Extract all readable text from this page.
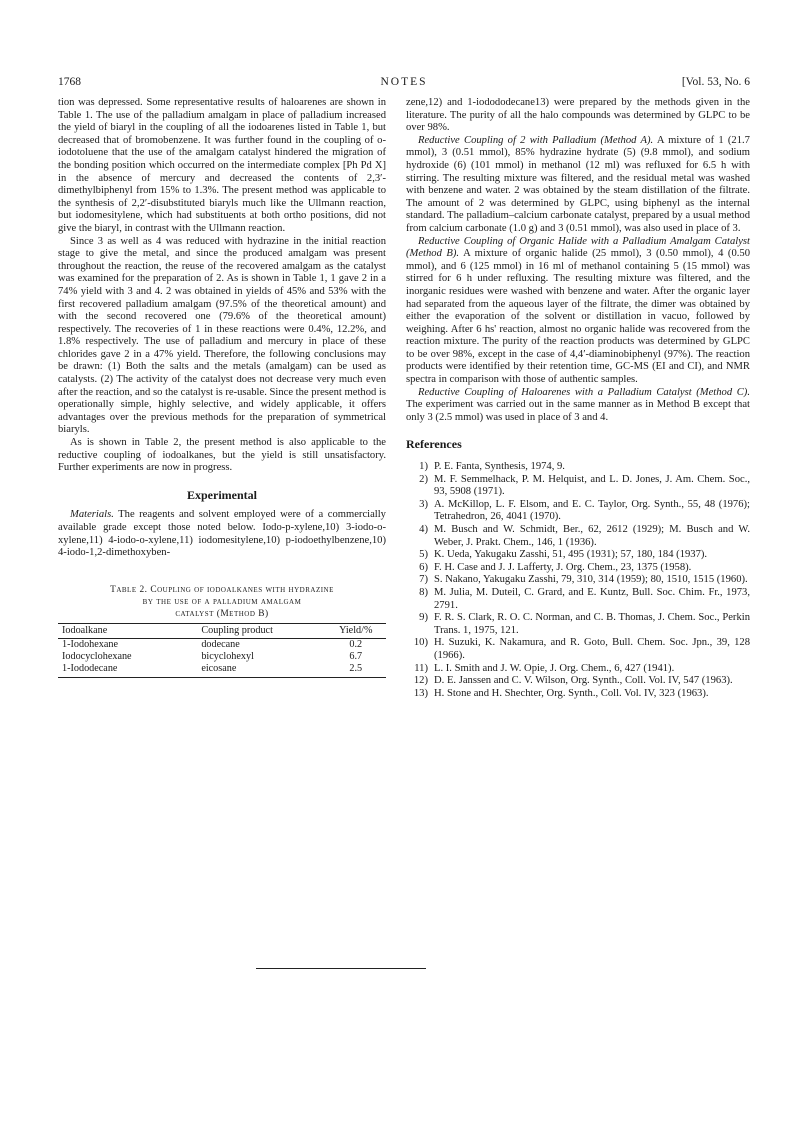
1768	NOTES	[Vol. 53, No. 6

tion was depressed. Some representative results of haloarenes are shown in Table 1. The use of the palladium amalgam in place of palladium increased the yield of biaryl in the coupling of all the iodoarenes listed in Table 1, but decreased that of bromobenzene. It was further found in the coupling of o-iodotoluene that the use of the amalgam catalyst hindered the migration of the bonding position which occurred on the intermediate complex [Ph Pd X] in the absence of mercury and decreased the contents of 2,3′-dimethylbiphenyl from 15% to 1.3%. The present method was applicable to the synthesis of 2,2′-disubstituted biaryls much like the Ullmann reaction, but iodomesitylene, which had substituents at both ortho positions, did not give the biaryl, in contrast with the Ullmann reaction.

Since 3 as well as 4 was reduced with hydrazine in the initial reaction stage to give the metal, and since the produced amalgam was present throughout the reaction, the reuse of the recovered amalgam as the catalyst was examined for the preparation of 2. As is shown in Table 1, 1 gave 2 in a 74% yield with 3 and 4. 2 was obtained in yields of 45% and 53% with the first recovered palladium amalgam (97.5% of the theoretical amount) and with the second recovered one (79.6% of the theoretical amount) respectively. The recoveries of 1 in these reactions were 0.4%, 12.2%, and 1.8% respectively. The use of palladium and mercury in place of these chlorides gave 2 in a 47% yield. Therefore, the following conclusions may be drawn: (1) Both the salts and the metals (amalgam) can be used as catalysts. (2) The activity of the catalyst does not decrease very much even after the reaction, and so the catalyst is re-usable. Since the present method is operationally simple, highly selective, and widely applicable, it offers advantages over the previous methods for the preparation of symmetrical biaryls.

As is shown in Table 2, the present method is also applicable to the reductive coupling of iodoalkanes, but the yield is still unsatisfactory. Further experiments are now in progress.

Experimental

Materials. The reagents and solvent employed were of a commercially available grade except those noted below. Iodo-p-xylene,10) 3-iodo-o-xylene,11) 4-iodo-o-xylene,11) iodomesitylene,10) p-iodoethylbenzene,10) 4-iodo-1,2-dimethoxyben-

Table 2. Coupling of iodoalkanes with hydrazine
by the use of a palladium amalgam
catalyst (Method B)
Iodoalkane	Coupling product	Yield/%
1-Iodohexane	dodecane	0.2
Iodocyclohexane	bicyclohexyl	6.7
1-Iododecane	eicosane	2.5

zene,12) and 1-iodododecane13) were prepared by the methods given in the literature. The purity of all the halo compounds was determined by GLPC to be over 98%.

Reductive Coupling of 2 with Palladium (Method A). A mixture of 1 (21.7 mmol), 3 (0.51 mmol), 85% hydrazine hydrate (5) (9.8 mmol), and sodium hydroxide (6) (101 mmol) in methanol (12 ml) was refluxed for 6.5 h with stirring. The resulting mixture was filtered, and the residual metal was washed with benzene and water. 2 was obtained by the steam distillation of the filtrate. The amount of 2 was determined by GLPC, using biphenyl as the internal standard. The palladium–calcium carbonate catalyst, prepared by a usual method from calcium carbonate (1.0 g) and 3 (0.51 mmol), was also used in place of 3.

Reductive Coupling of Organic Halide with a Palladium Amalgam Catalyst (Method B). A mixture of organic halide (25 mmol), 3 (0.50 mmol), 4 (0.50 mmol), and 6 (125 mmol) in 16 ml of methanol containing 5 (15 mmol) was stirred for 6 h under refluxing. The resulting mixture was filtered, and the inorganic residues were washed with benzene and water. After the organic layer had separated from the aqueous layer of the filtrate, the dimer was obtained by either the evaporation of the solvent or distillation in vacuo, followed by weighing. After 6 hs' reaction, almost no organic halide was recovered from the reaction mixture. The purity of the reaction products was determined by GLPC to be over 98%, except in the case of 4,4′-diaminobiphenyl (97%). The reaction products were identified by their retention time, GC-MS (EI and CI), and NMR spectra in comparison with those of authentic samples.

Reductive Coupling of Haloarenes with a Palladium Catalyst (Method C). The experiment was carried out in the same manner as in Method B except that only 3 (2.5 mmol) was used in place of 3 and 4.

References
1) P. E. Fanta, Synthesis, 1974, 9.
2) M. F. Semmelhack, P. M. Helquist, and L. D. Jones, J. Am. Chem. Soc., 93, 5908 (1971).
3) A. McKillop, L. F. Elsom, and E. C. Taylor, Org. Synth., 55, 48 (1976); Tetrahedron, 26, 4041 (1970).
4) M. Busch and W. Schmidt, Ber., 62, 2612 (1929); M. Busch and W. Weber, J. Prakt. Chem., 146, 1 (1936).
5) K. Ueda, Yakugaku Zasshi, 51, 495 (1931); 57, 180, 184 (1937).
6) F. H. Case and J. J. Lafferty, J. Org. Chem., 23, 1375 (1958).
7) S. Nakano, Yakugaku Zasshi, 79, 310, 314 (1959); 80, 1510, 1515 (1960).
8) M. Julia, M. Duteil, C. Grard, and E. Kuntz, Bull. Soc. Chim. Fr., 1973, 2791.
9) F. R. S. Clark, R. O. C. Norman, and C. B. Thomas, J. Chem. Soc., Perkin Trans. 1, 1975, 121.
10) H. Suzuki, K. Nakamura, and R. Goto, Bull. Chem. Soc. Jpn., 39, 128 (1966).
11) L. I. Smith and J. W. Opie, J. Org. Chem., 6, 427 (1941).
12) D. E. Janssen and C. V. Wilson, Org. Synth., Coll. Vol. IV, 547 (1963).
13) H. Stone and H. Shechter, Org. Synth., Coll. Vol. IV, 323 (1963).
